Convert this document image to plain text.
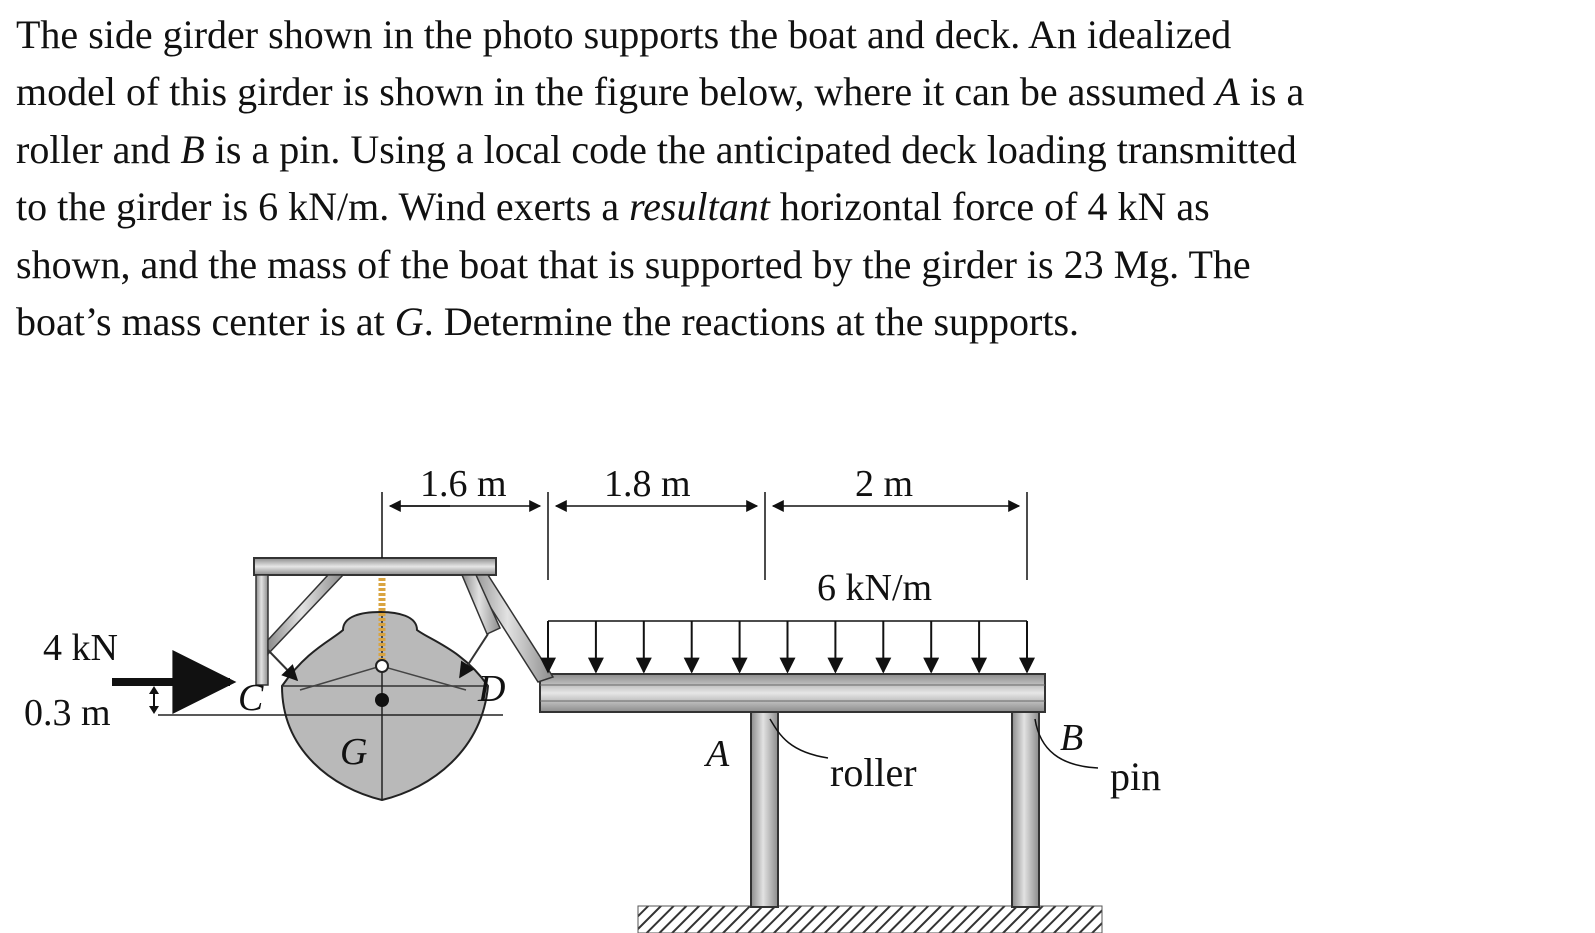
The side girder shown in the photo supports the boat and deck. An idealized
model of this girder is shown in the figure below, where it can be assumed A is a
roller and B is a pin. Using a local code the anticipated deck loading transmitted
to the girder is 6 kN/m. Wind exerts a resultant horizontal force of 4 kN as
shown, and the mass of the boat that is supported by the girder is 23 Mg. The
boat’s mass center is at G. Determine the reactions at the supports.
1.6 m	1.8 m	2 m
6 kN/m
4 kN
0.3 m	C	D
G	A	B
roller	pin
